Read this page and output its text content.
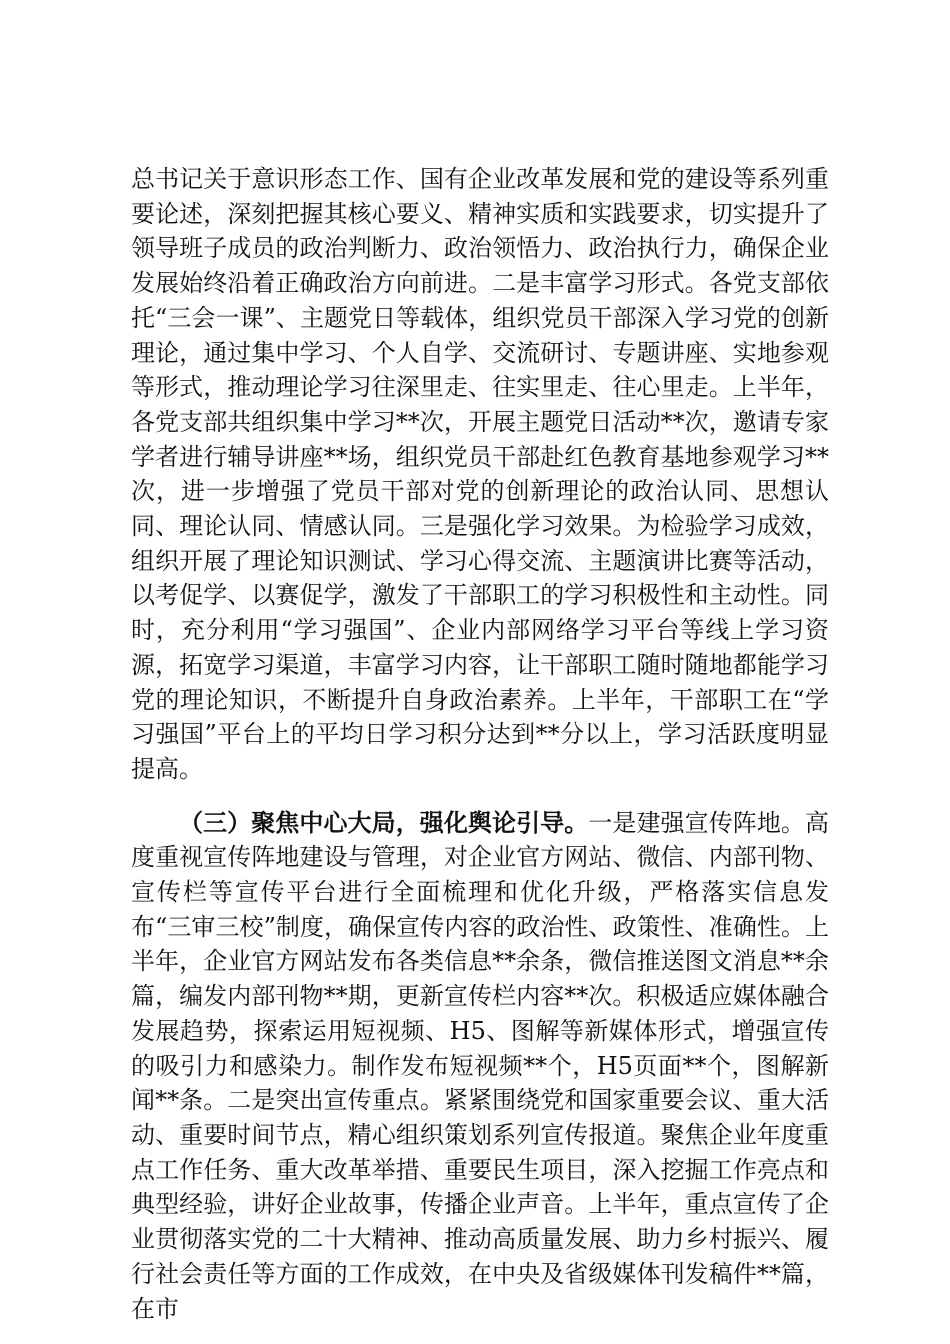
总书记关于意识形态工作、国有企业改革发展和党的建设等系列重要论述，深刻把握其核心要义、精神实质和实践要求，切实提升了领导班子成员的政治判断力、政治领悟力、政治执行力，确保企业发展始终沿着正确政治方向前进。二是丰富学习形式。各党支部依托“三会一课”、主题党日等载体，组织党员干部深入学习党的创新理论，通过集中学习、个人自学、交流研讨、专题讲座、实地参观等形式，推动理论学习往深里走、往实里走、往心里走。上半年，各党支部共组织集中学习**次，开展主题党日活动**次，邀请专家学者进行辅导讲座**场，组织党员干部赴红色教育基地参观学习**次，进一步增强了党员干部对党的创新理论的政治认同、思想认同、理论认同、情感认同。三是强化学习效果。为检验学习成效，组织开展了理论知识测试、学习心得交流、主题演讲比赛等活动，以考促学、以赛促学，激发了干部职工的学习积极性和主动性。同时，充分利用“学习强国”、企业内部网络学习平台等线上学习资源，拓宽学习渠道，丰富学习内容，让干部职工随时随地都能学习党的理论知识，不断提升自身政治素养。上半年，干部职工在“学习强国”平台上的平均日学习积分达到**分以上，学习活跃度明显提高。

（三）聚焦中心大局，强化舆论引导。一是建强宣传阵地。高度重视宣传阵地建设与管理，对企业官方网站、微信、内部刊物、宣传栏等宣传平台进行全面梳理和优化升级，严格落实信息发布“三审三校”制度，确保宣传内容的政治性、政策性、准确性。上半年，企业官方网站发布各类信息**余条，微信推送图文消息**余篇，编发内部刊物**期，更新宣传栏内容**次。积极适应媒体融合发展趋势，探索运用短视频、H5、图解等新媒体形式，增强宣传的吸引力和感染力。制作发布短视频**个，H5页面**个，图解新闻**条。二是突出宣传重点。紧紧围绕党和国家重要会议、重大活动、重要时间节点，精心组织策划系列宣传报道。聚焦企业年度重点工作任务、重大改革举措、重要民生项目，深入挖掘工作亮点和典型经验，讲好企业故事，传播企业声音。上半年，重点宣传了企业贯彻落实党的二十大精神、推动高质量发展、助力乡村振兴、履行社会责任等方面的工作成效，在中央及省级媒体刊发稿件**篇，在市
